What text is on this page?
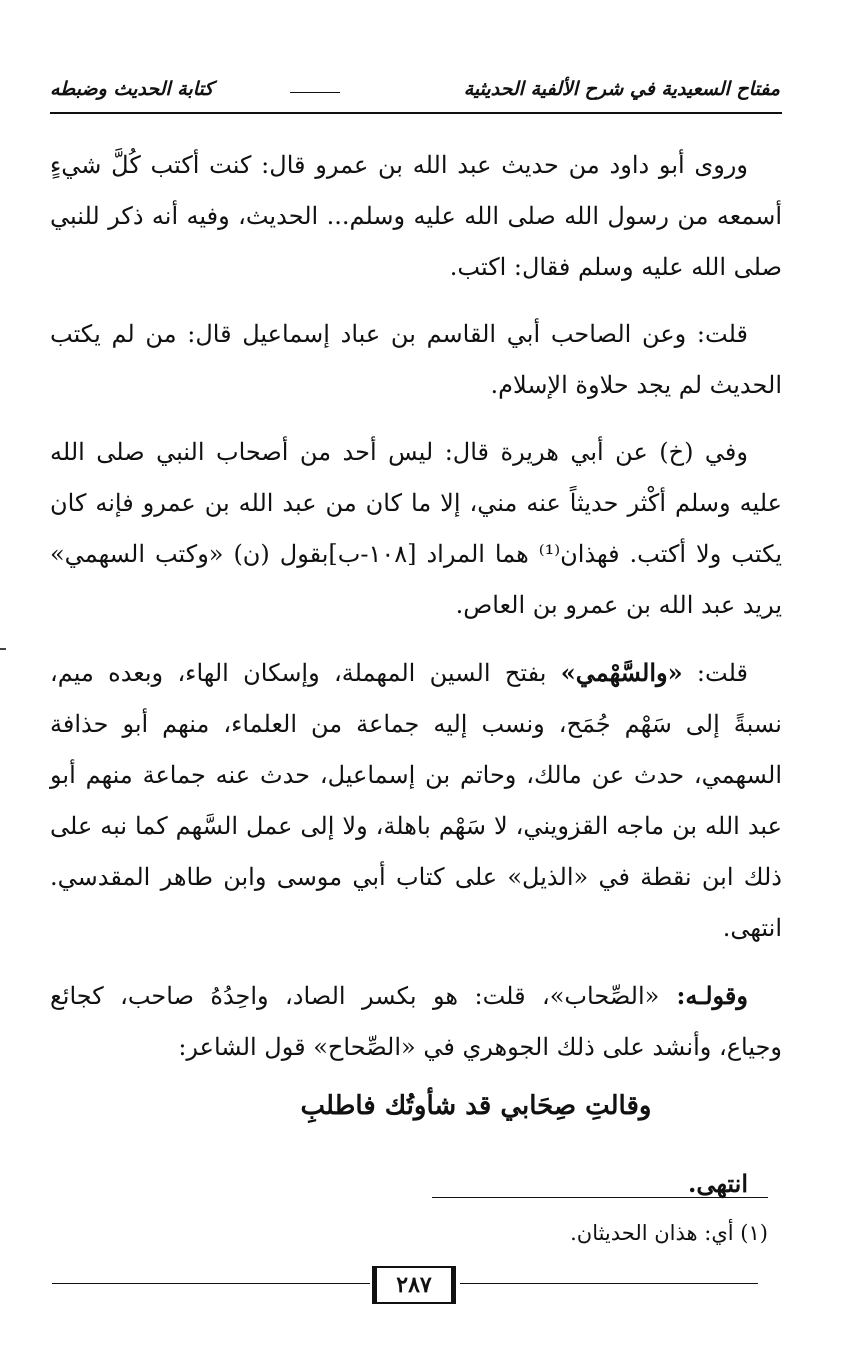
مفتاح السعيدية في شرح الألفية الحديثية
كتابة الحديث وضبطه

وروى أبو داود من حديث عبد الله بن عمرو قال: كنت أكتب كُلَّ شيءٍ أسمعه من رسول الله صلى الله عليه وسلم... الحديث، وفيه أنه ذكر للنبي صلى الله عليه وسلم فقال: اكتب.

قلت: وعن الصاحب أبي القاسم بن عباد إسماعيل قال: من لم يكتب الحديث لم يجد حلاوة الإسلام.

وفي (خ) عن أبي هريرة قال: ليس أحد من أصحاب النبي صلى الله عليه وسلم أكْثر حديثاً عنه مني، إلا ما كان من عبد الله بن عمرو فإنه كان يكتب ولا أكتب. فهذان⁽¹⁾ هما المراد [١٠٨-ب]بقول (ن) «وكتب السهمي» يريد عبد الله بن عمرو بن العاص.

قلت: «والسَّهْمي» بفتح السين المهملة، وإسكان الهاء، وبعده ميم، نسبةً إلى سَهْم جُمَح، ونسب إليه جماعة من العلماء، منهم أبو حذافة السهمي، حدث عن مالك، وحاتم بن إسماعيل، حدث عنه جماعة منهم أبو عبد الله بن ماجه القزويني، لا سَهْم باهلة، ولا إلى عمل السَّهم كما نبه على ذلك ابن نقطة في «الذيل» على كتاب أبي موسى وابن طاهر المقدسي. انتهى.

وقولـه: «الصِّحاب»، قلت: هو بكسر الصاد، واحِدُهُ صاحب، كجائع وجياع، وأنشد على ذلك الجوهري في «الصِّحاح» قول الشاعر:

وقالتِ صِحَابي قد شأوتُك فاطلبِ

انتهى.

(١) أي: هذان الحديثان.
٢٨٧
